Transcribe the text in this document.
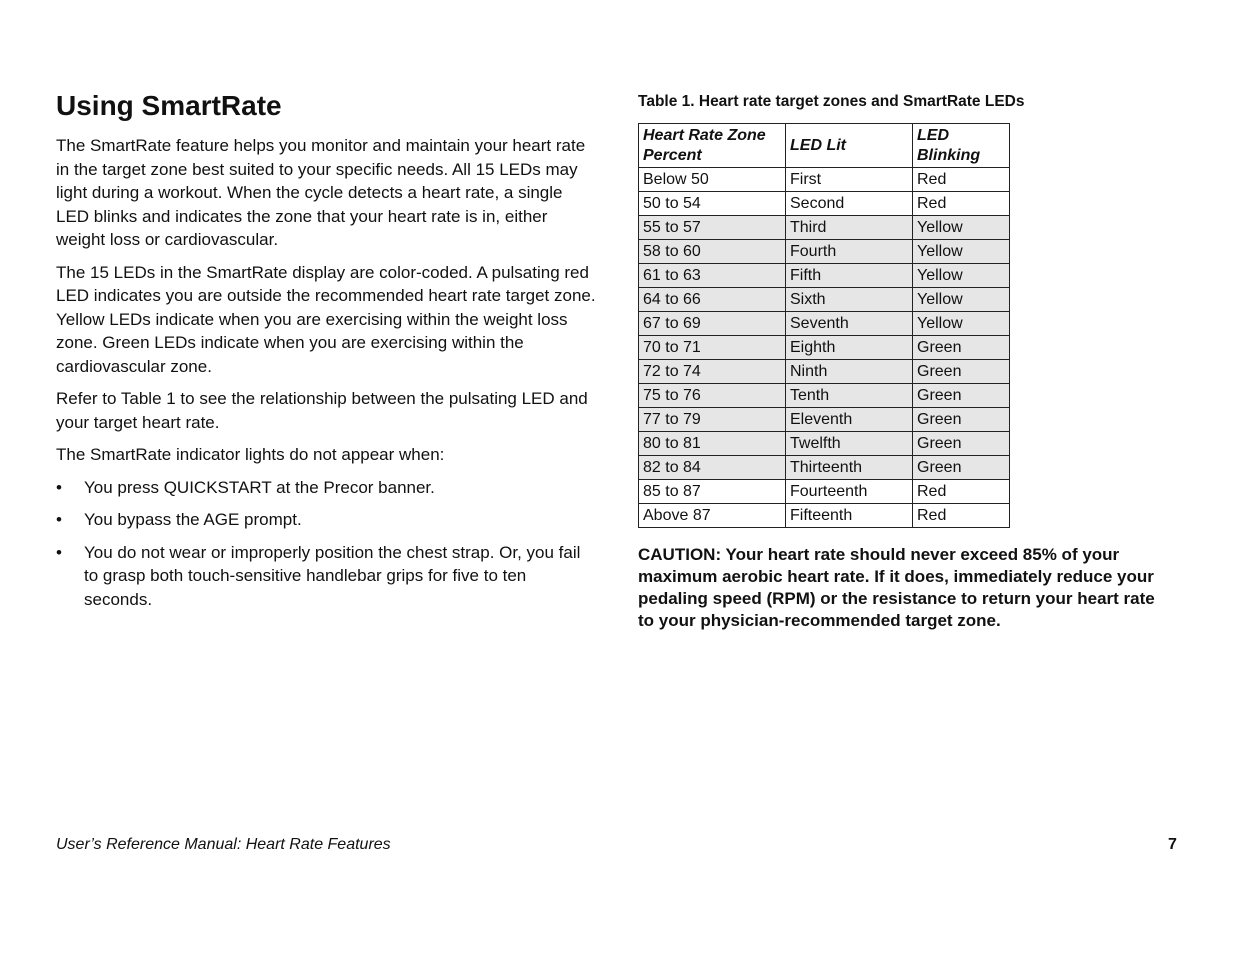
Using SmartRate

The SmartRate feature helps you monitor and maintain your heart rate in the target zone best suited to your specific needs. All 15 LEDs may light during a workout. When the cycle detects a heart rate, a single LED blinks and indicates the zone that your heart rate is in, either weight loss or cardiovascular.

The 15 LEDs in the SmartRate display are color-coded. A pulsating red LED indicates you are outside the recommended heart rate target zone. Yellow LEDs indicate when you are exercising within the weight loss zone. Green LEDs indicate when you are exercising within the cardiovascular zone.

Refer to Table 1 to see the relationship between the pulsating LED and your target heart rate.

The SmartRate indicator lights do not appear when:

• You press QUICKSTART at the Precor banner.
• You bypass the AGE prompt.
• You do not wear or improperly position the chest strap. Or, you fail to grasp both touch-sensitive handlebar grips for five to ten seconds.
Table 1. Heart rate target zones and SmartRate LEDs
Heart Rate Zone Percent	LED Lit	LED Blinking
Below 50	First	Red
50 to 54	Second	Red
55 to 57	Third	Yellow
58 to 60	Fourth	Yellow
61 to 63	Fifth	Yellow
64 to 66	Sixth	Yellow
67 to 69	Seventh	Yellow
70 to 71	Eighth	Green
72 to 74	Ninth	Green
75 to 76	Tenth	Green
77 to 79	Eleventh	Green
80 to 81	Twelfth	Green
82 to 84	Thirteenth	Green
85 to 87	Fourteenth	Red
Above 87	Fifteenth	Red
CAUTION: Your heart rate should never exceed 85% of your maximum aerobic heart rate. If it does, immediately reduce your pedaling speed (RPM) or the resistance to return your heart rate to your physician-recommended target zone.
User’s Reference Manual: Heart Rate Features	7
